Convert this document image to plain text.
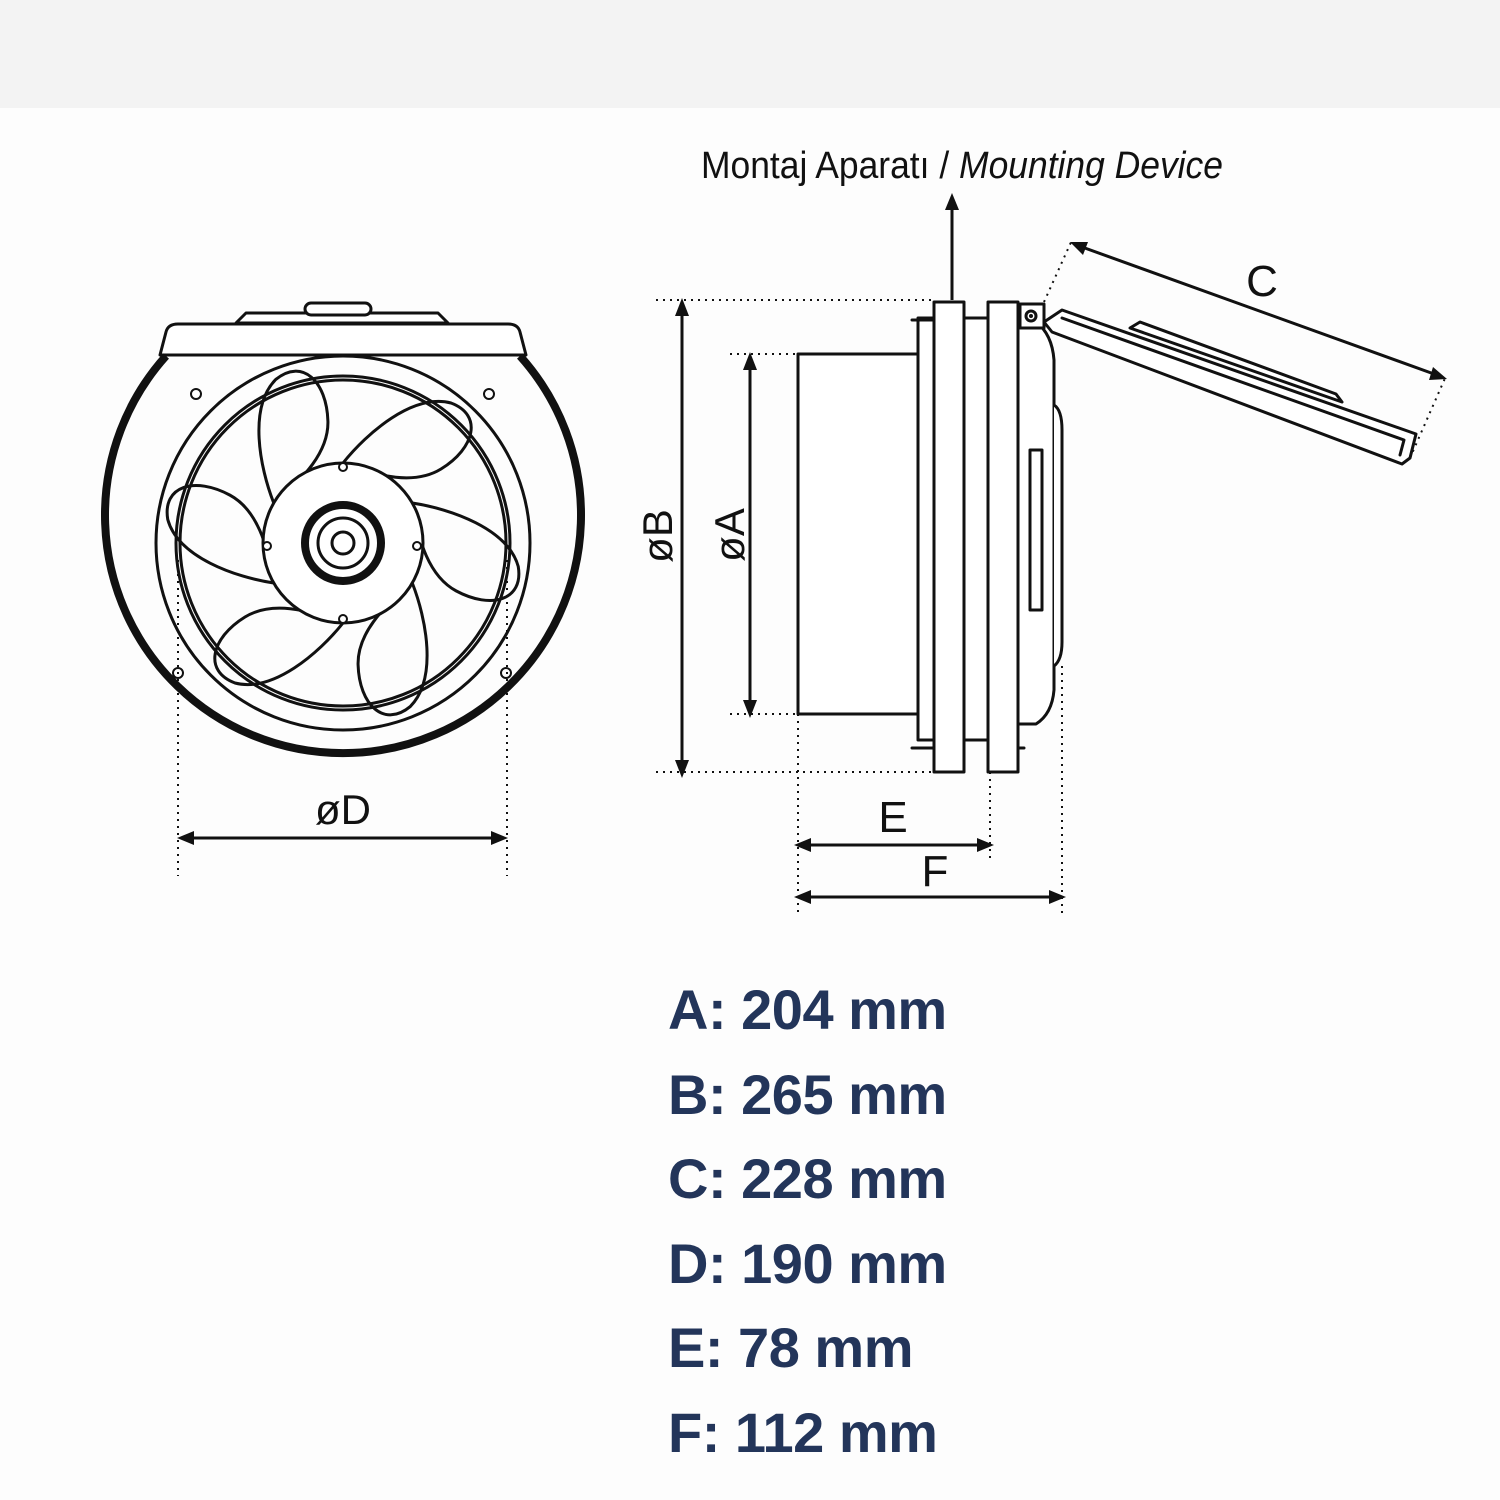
øD
Montaj Aparatı / Mounting Device
C
øB øA
E
F
A: 204 mm
B: 265 mm
C: 228 mm
D: 190 mm
E: 78 mm
F: 112 mm
